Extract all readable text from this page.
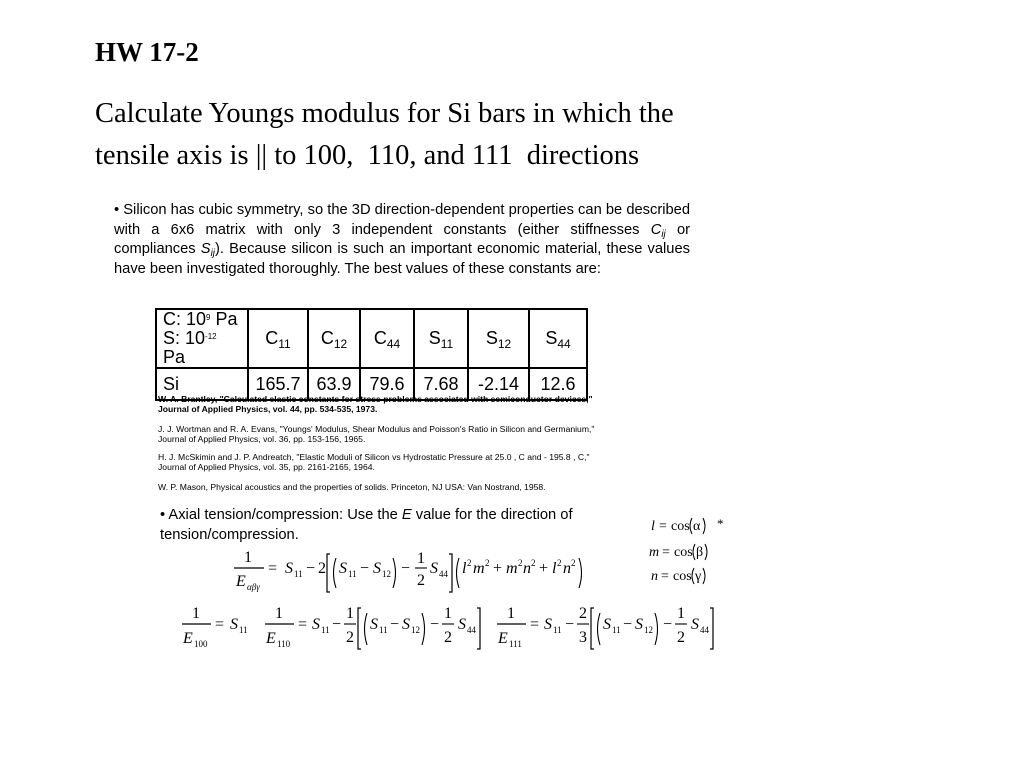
HW 17-2
Calculate Youngs modulus for Si bars in which the
tensile axis is || to 100,  110, and 111  directions
• Silicon has cubic symmetry, so the 3D direction-dependent properties can be described with a 6x6 matrix with only 3 independent constants (either stiffnesses $C_{ij}$ or compliances $S_{ij}$). Because silicon is such an important economic material, these values have been investigated thoroughly. The best values of these constants are:
C: $10^9$ Pa
S: $10^{-12}$ Pa	$C_{11}$	$C_{12}$	$C_{44}$	$S_{11}$	$S_{12}$	$S_{44}$
Si	165.7	63.9	79.6	7.68	-2.14	12.6
W. A. Brantley, "Calculated elastic constants for stress problems associated with semiconductor devices," Journal of Applied Physics, vol. 44, pp. 534-535, 1973.
J. J. Wortman and R. A. Evans, "Youngs' Modulus, Shear Modulus and Poisson's Ratio in Silicon and Germanium," Journal of Applied Physics, vol. 36, pp. 153-156, 1965.
H. J. McSkimin and J. P. Andreatch, "Elastic Moduli of Silicon vs Hydrostatic Pressure at 25.0 , C and - 195.8 , C," Journal of Applied Physics, vol. 35, pp. 2161-2165, 1964.
W. P. Mason, Physical acoustics and the properties of solids. Princeton, NJ USA: Van Nostrand, 1958.
• Axial tension/compression: Use the E value for the direction of tension/compression.
1
E αβγ
= S 11 − 2 S 11 − S 12 −
1
2
S 44 l 2 m 2 + m 2 n 2 + l 2 n 2
l = cos α *
m = cos β
n = cos γ
1
E 100
= S 11
1
E 110
= S 11 −
1
2
S 11 − S 12 −
1
2
S 44
1
E 111
= S 11 −
2
3
S 11 − S 12 −
1
2
S 44
